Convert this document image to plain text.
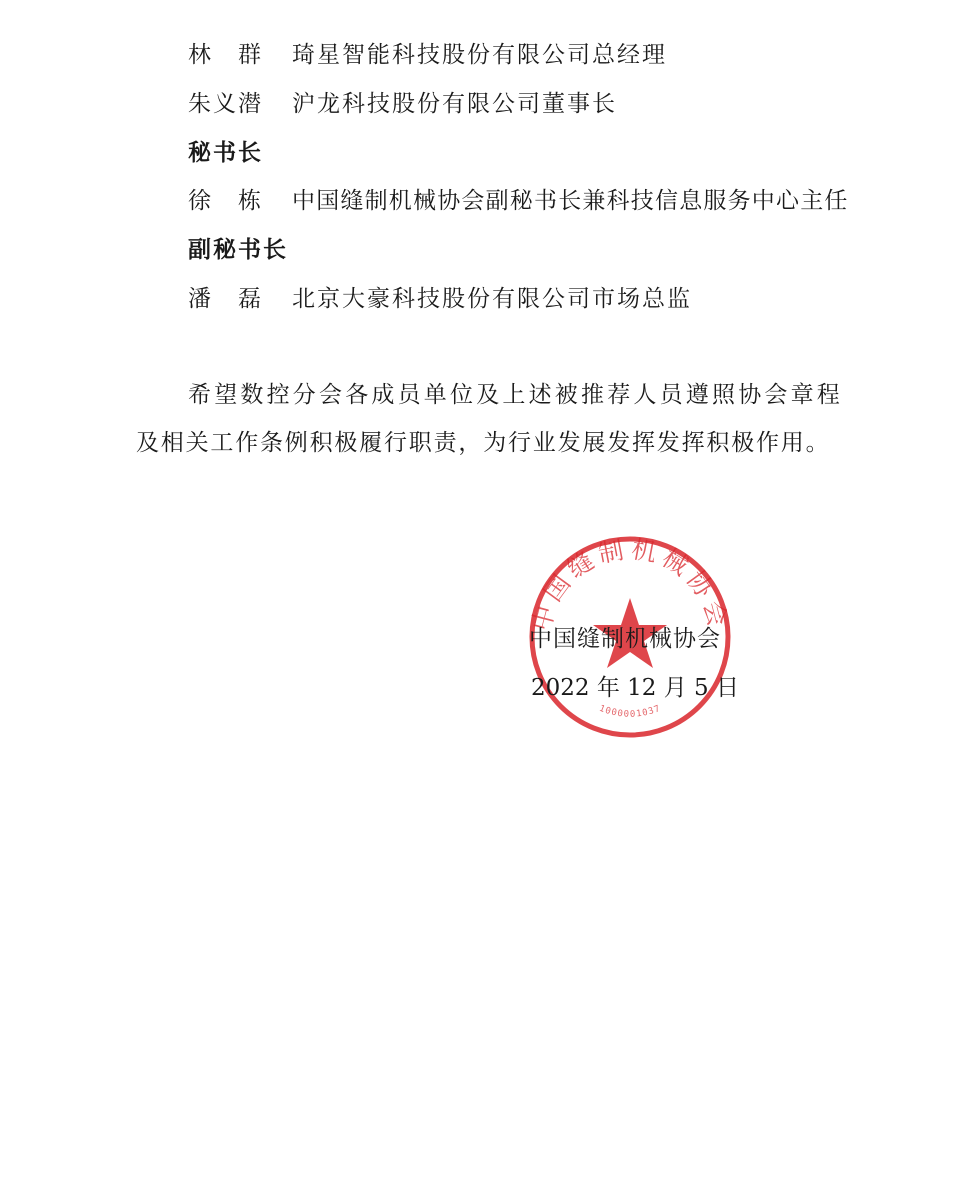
林　群 琦星智能科技股份有限公司总经理
朱义潜 沪龙科技股份有限公司董事长
秘书长
徐　栋 中国缝制机械协会副秘书长兼科技信息服务中心主任
副秘书长
潘　磊 北京大豪科技股份有限公司市场总监
希望数控分会各成员单位及上述被推荐人员遵照协会章程
及相关工作条例积极履行职责，为行业发展发挥发挥积极作用。
中国缝制机械协会
1000001037
中国缝制机械协会
2022 年 12 月 5 日
